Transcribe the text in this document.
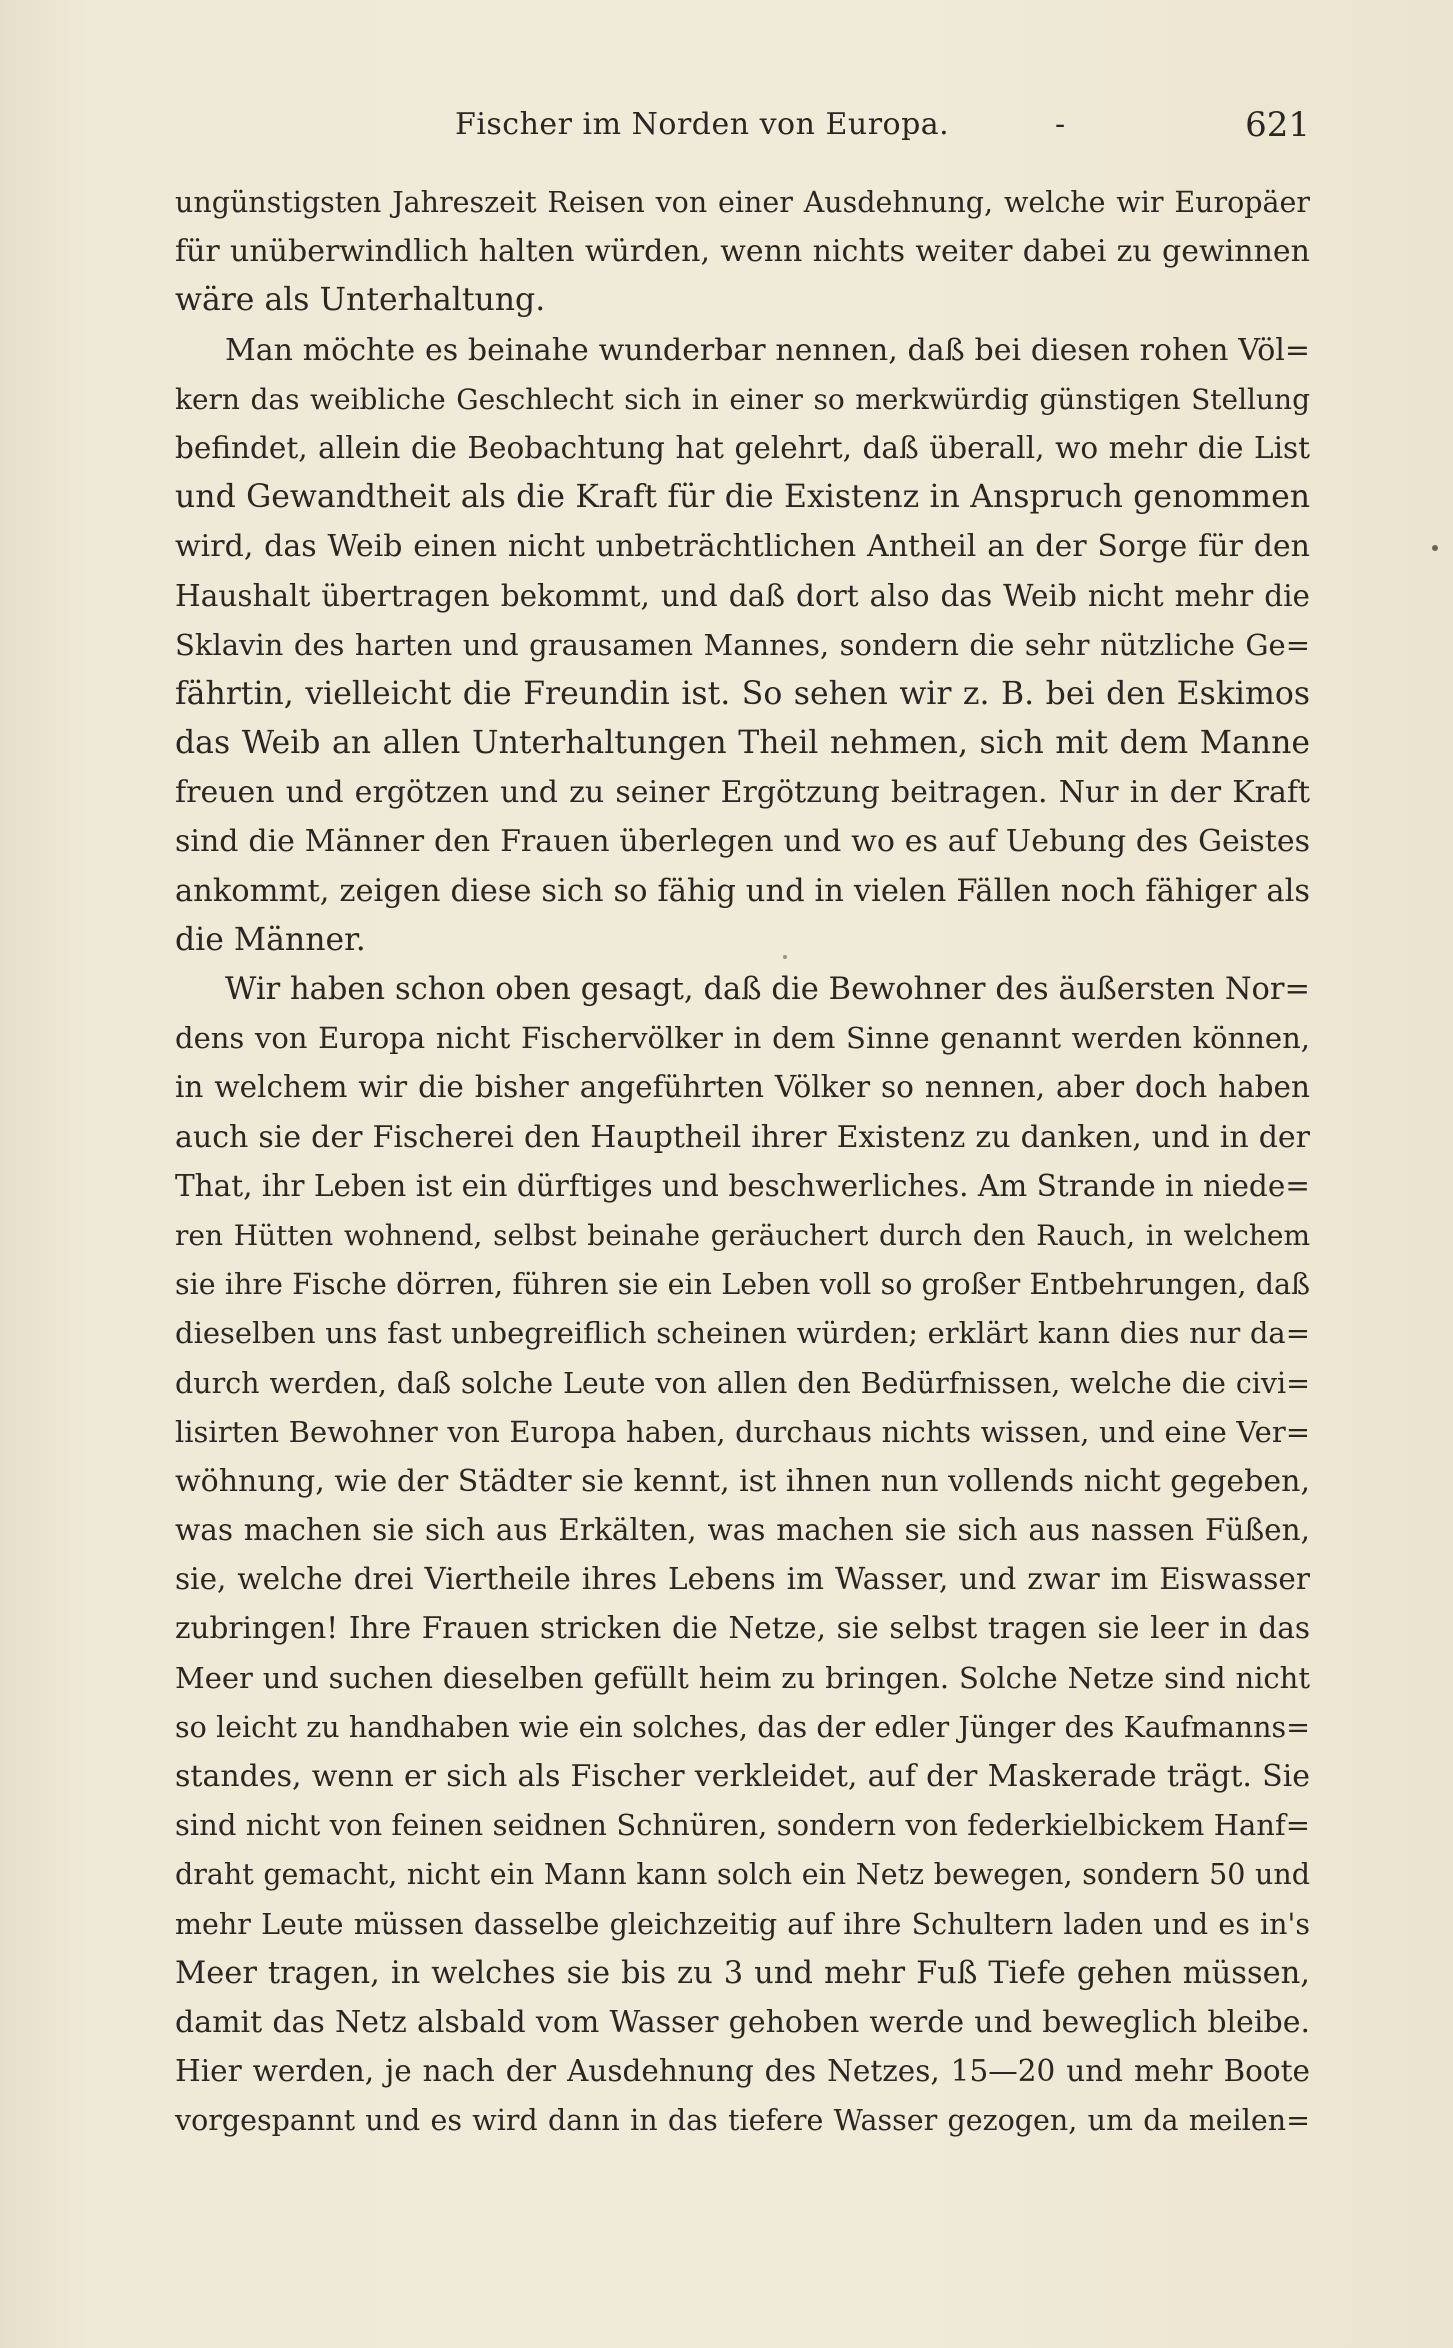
Fischer im Norden von Europa.	-	621
ungünstigsten Jahreszeit Reisen von einer Ausdehnung, welche wir Europäer
für unüberwindlich halten würden, wenn nichts weiter dabei zu gewinnen
wäre als Unterhaltung.
Man möchte es beinahe wunderbar nennen, daß bei diesen rohen Völ=
kern das weibliche Geschlecht sich in einer so merkwürdig günstigen Stellung
befindet, allein die Beobachtung hat gelehrt, daß überall, wo mehr die List
und Gewandtheit als die Kraft für die Existenz in Anspruch genommen
wird, das Weib einen nicht unbeträchtlichen Antheil an der Sorge für den
Haushalt übertragen bekommt, und daß dort also das Weib nicht mehr die
Sklavin des harten und grausamen Mannes, sondern die sehr nützliche Ge=
fährtin, vielleicht die Freundin ist. So sehen wir z. B. bei den Eskimos
das Weib an allen Unterhaltungen Theil nehmen, sich mit dem Manne
freuen und ergötzen und zu seiner Ergötzung beitragen. Nur in der Kraft
sind die Männer den Frauen überlegen und wo es auf Uebung des Geistes
ankommt, zeigen diese sich so fähig und in vielen Fällen noch fähiger als
die Männer.
Wir haben schon oben gesagt, daß die Bewohner des äußersten Nor=
dens von Europa nicht Fischervölker in dem Sinne genannt werden können,
in welchem wir die bisher angeführten Völker so nennen, aber doch haben
auch sie der Fischerei den Hauptheil ihrer Existenz zu danken, und in der
That, ihr Leben ist ein dürftiges und beschwerliches. Am Strande in niede=
ren Hütten wohnend, selbst beinahe geräuchert durch den Rauch, in welchem
sie ihre Fische dörren, führen sie ein Leben voll so großer Entbehrungen, daß
dieselben uns fast unbegreiflich scheinen würden; erklärt kann dies nur da=
durch werden, daß solche Leute von allen den Bedürfnissen, welche die civi=
lisirten Bewohner von Europa haben, durchaus nichts wissen, und eine Ver=
wöhnung, wie der Städter sie kennt, ist ihnen nun vollends nicht gegeben,
was machen sie sich aus Erkälten, was machen sie sich aus nassen Füßen,
sie, welche drei Viertheile ihres Lebens im Wasser, und zwar im Eiswasser
zubringen! Ihre Frauen stricken die Netze, sie selbst tragen sie leer in das
Meer und suchen dieselben gefüllt heim zu bringen. Solche Netze sind nicht
so leicht zu handhaben wie ein solches, das der edler Jünger des Kaufmanns=
standes, wenn er sich als Fischer verkleidet, auf der Maskerade trägt. Sie
sind nicht von feinen seidnen Schnüren, sondern von federkielbickem Hanf=
draht gemacht, nicht ein Mann kann solch ein Netz bewegen, sondern 50 und
mehr Leute müssen dasselbe gleichzeitig auf ihre Schultern laden und es in's
Meer tragen, in welches sie bis zu 3 und mehr Fuß Tiefe gehen müssen,
damit das Netz alsbald vom Wasser gehoben werde und beweglich bleibe.
Hier werden, je nach der Ausdehnung des Netzes, 15—20 und mehr Boote
vorgespannt und es wird dann in das tiefere Wasser gezogen, um da meilen=
